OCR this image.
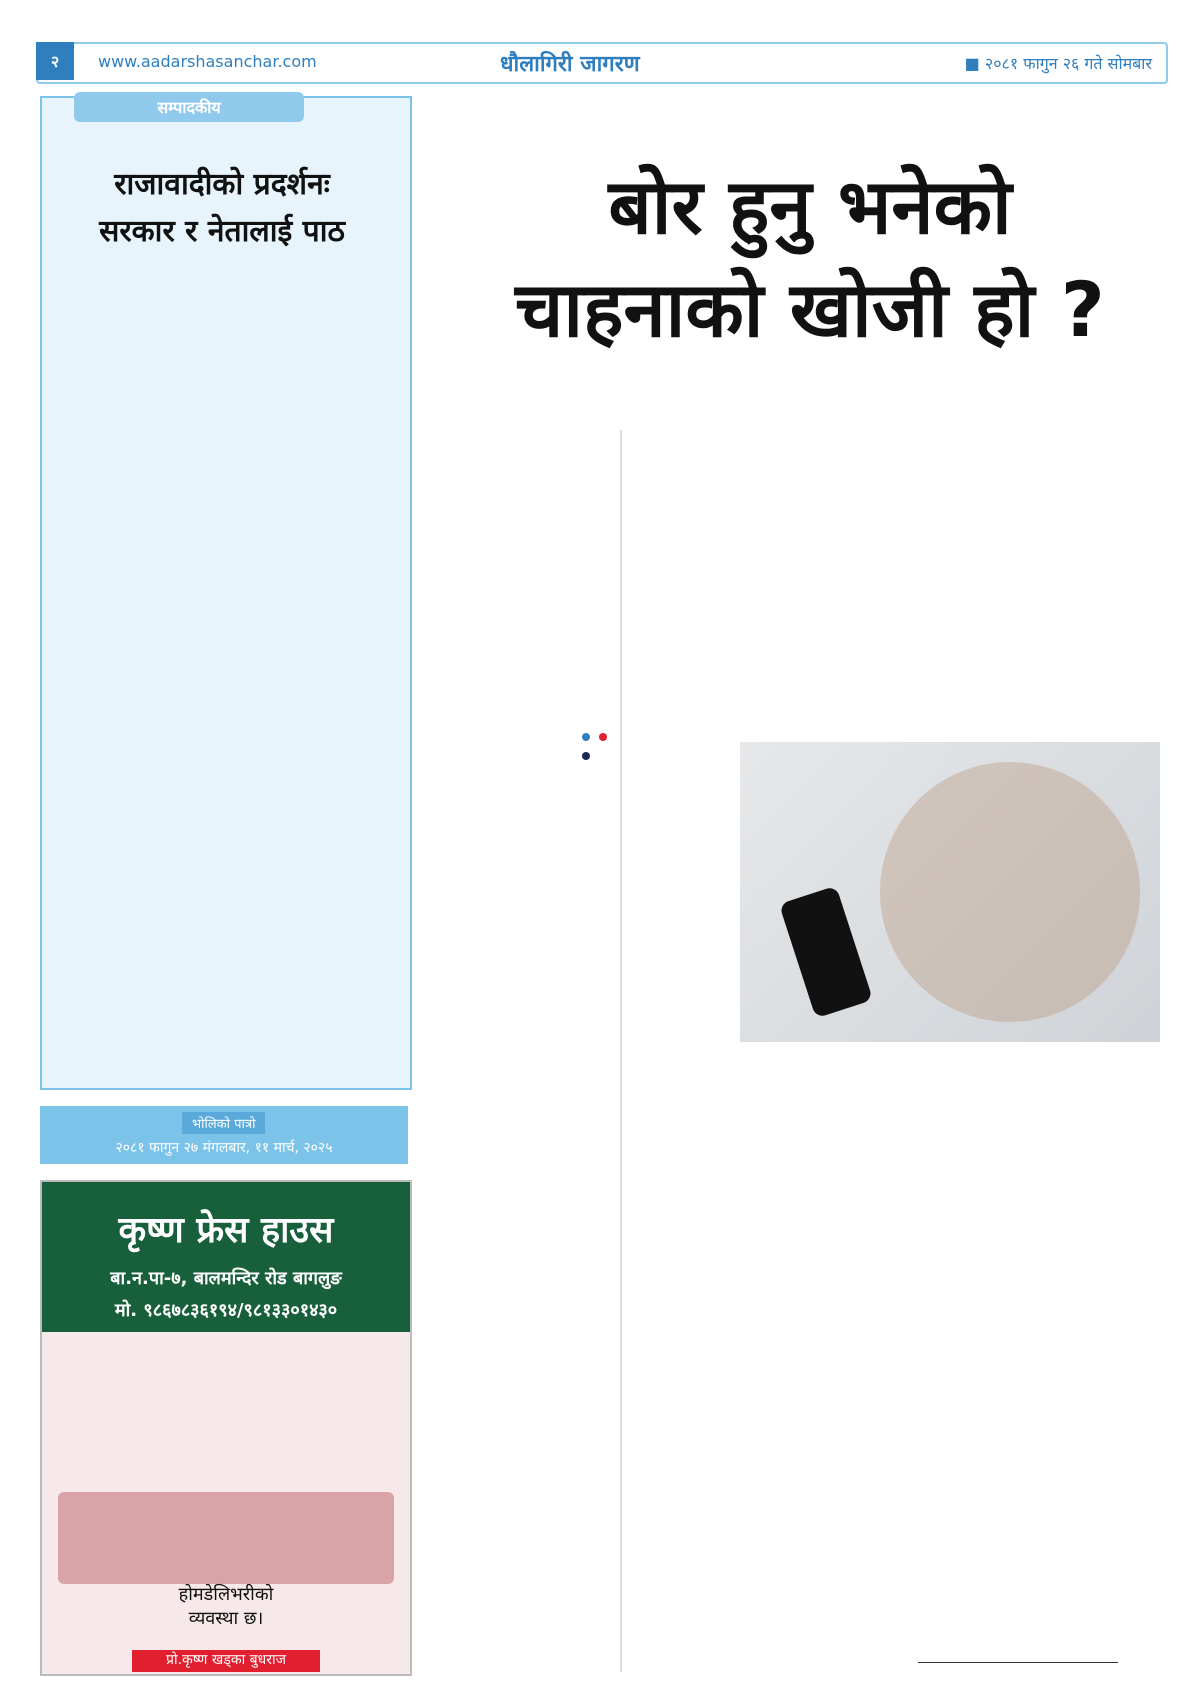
२	www.aadarshasanchar.com	धौलागिरी जागरण	■ २०८१ फागुन २६ गते सोमबार
सम्पादकीय
राजावादीको प्रदर्शनः
सरकार र नेतालाई पाठ
भोलिको पात्रो
२०८१ फागुन २७ मंगलबार, ११ मार्च, २०२५
कृष्ण फ्रेस हाउस
बा.न.पा-७, बालमन्दिर रोड बागलुङ
मो. ९८६७८३६१९४/९८१३३०१४३०
होमडेलिभरीको व्यवस्था छ।
प्रो.कृष्ण खड्का बुधराज
बोर हुनु भनेको
चाहनाको खोजी हो ?
